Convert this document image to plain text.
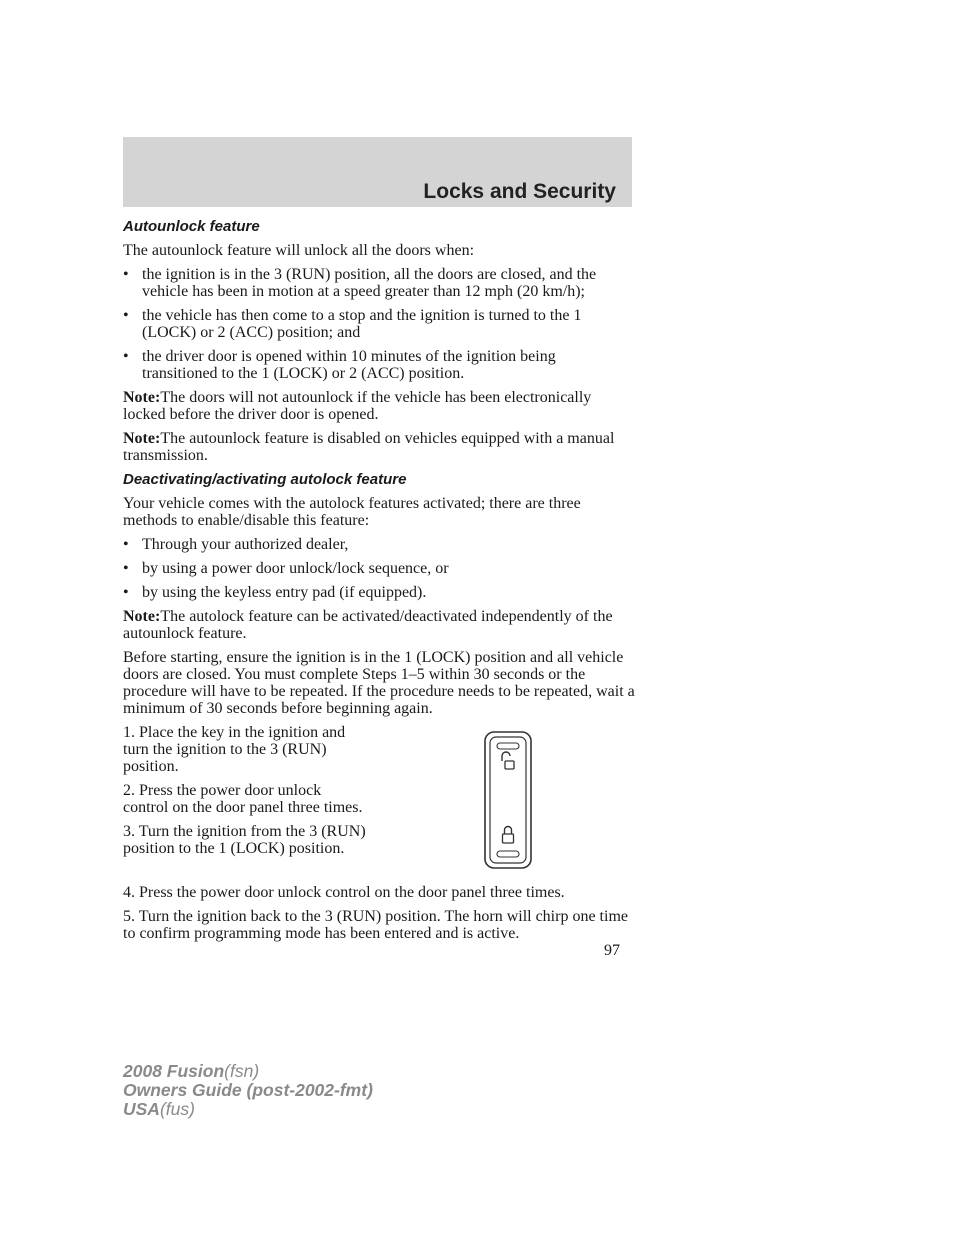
Locks and Security
Autounlock feature

The autounlock feature will unlock all the doors when:

• the ignition is in the 3 (RUN) position, all the doors are closed, and the vehicle has been in motion at a speed greater than 12 mph (20 km/h);
• the vehicle has then come to a stop and the ignition is turned to the 1 (LOCK) or 2 (ACC) position; and
• the driver door is opened within 10 minutes of the ignition being transitioned to the 1 (LOCK) or 2 (ACC) position.

Note:The doors will not autounlock if the vehicle has been electronically locked before the driver door is opened.

Note:The autounlock feature is disabled on vehicles equipped with a manual transmission.

Deactivating/activating autolock feature

Your vehicle comes with the autolock features activated; there are three methods to enable/disable this feature:

• Through your authorized dealer,
• by using a power door unlock/lock sequence, or
• by using the keyless entry pad (if equipped).

Note:The autolock feature can be activated/deactivated independently of the autounlock feature.

Before starting, ensure the ignition is in the 1 (LOCK) position and all vehicle doors are closed. You must complete Steps 1–5 within 30 seconds or the procedure will have to be repeated. If the procedure needs to be repeated, wait a minimum of 30 seconds before beginning again.

1. Place the key in the ignition and turn the ignition to the 3 (RUN) position.

2. Press the power door unlock control on the door panel three times.

3. Turn the ignition from the 3 (RUN) position to the 1 (LOCK) position.

4. Press the power door unlock control on the door panel three times.

5. Turn the ignition back to the 3 (RUN) position. The horn will chirp one time to confirm programming mode has been entered and is active.

97
2008 Fusion(fsn)
Owners Guide (post-2002-fmt)
USA(fus)
